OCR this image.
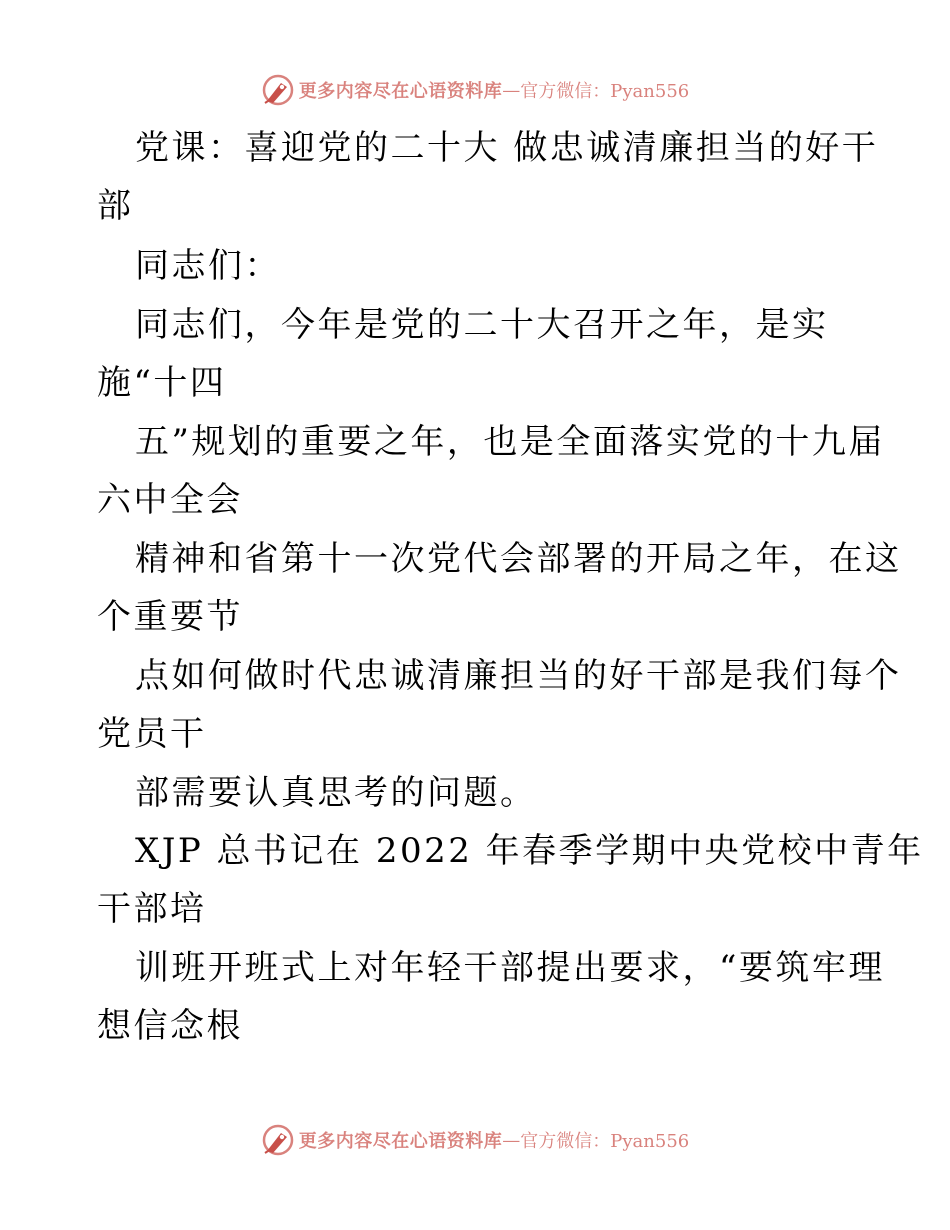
更多内容尽在心语资料库 — 官方微信：Pyan556
党课：喜迎党的二十大 做忠诚清廉担当的好干
部
同志们：
同志们，今年是党的二十大召开之年，是实
施“十四
五”规划的重要之年，也是全面落实党的十九届
六中全会
精神和省第十一次党代会部署的开局之年，在这
个重要节
点如何做时代忠诚清廉担当的好干部是我们每个
党员干
部需要认真思考的问题。
XJP 总书记在 2022 年春季学期中央党校中青年
干部培
训班开班式上对年轻干部提出要求，“要筑牢理
想信念根
更多内容尽在心语资料库 — 官方微信：Pyan556
